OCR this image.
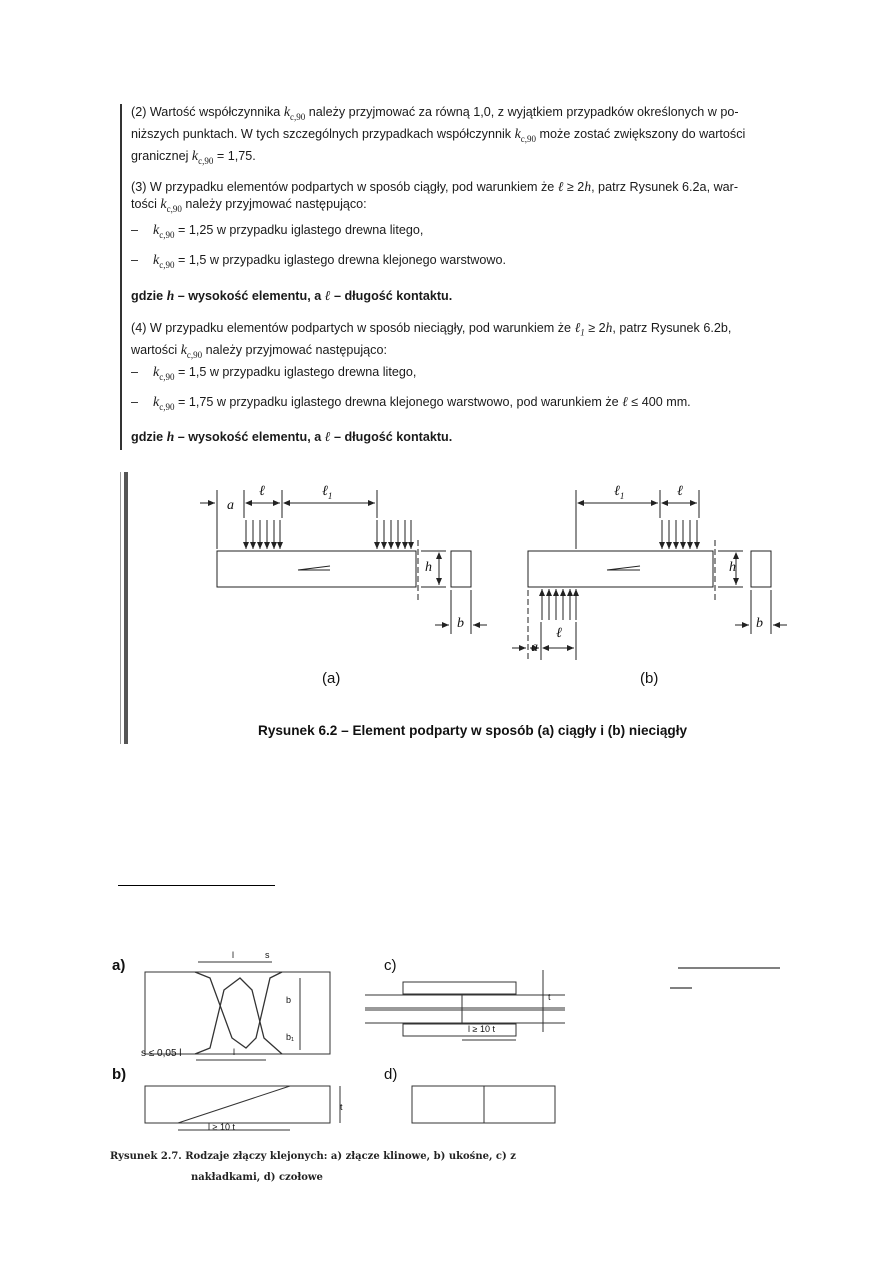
(2) Wartość współczynnika $k_{c,90}$ należy przyjmować za równą 1,0, z wyjątkiem przypadków określonych w po-
niższych punktach. W tych szczególnych przypadkach współczynnik $k_{c,90}$ może zostać zwiększony do wartości
granicznej $k_{c,90} = 1,75$.
(3) W przypadku elementów podpartych w sposób ciągły, pod warunkiem że ℓ ≥ 2h, patrz Rysunek 6.2a, war-
tości $k_{c,90}$ należy przyjmować następująco:
– $k_{c,90} = 1,25$ w przypadku iglastego drewna litego,
– $k_{c,90} = 1,5$ w przypadku iglastego drewna klejonego warstwowo.
gdzie h – wysokość elementu, a ℓ – długość kontaktu.
(4) W przypadku elementów podpartych w sposób nieciągły, pod warunkiem że ℓ$_1$ ≥ 2h, patrz Rysunek 6.2b,
wartości $k_{c,90}$ należy przyjmować następująco:
– $k_{c,90} = 1,5$ w przypadku iglastego drewna litego,
– $k_{c,90} = 1,75$ w przypadku iglastego drewna klejonego warstwowo, pod warunkiem że ℓ ≤ 400 mm.
gdzie h – wysokość elementu, a ℓ – długość kontaktu.
a
ℓ	ℓ$_1$
h
b
ℓ$_1$	ℓ
h
b
a
ℓ
(a)	(b)
Rysunek 6.2 – Element podparty w sposób (a) ciągły i (b) nieciągły
a)
b)
c)
d)
s ≤ 0,05 l
l	s
l
b
b₁
t
t
l ≥ 10 t
l ≥ 10 t
Rysunek 2.7. Rodzaje złączy klejonych: a) złącze klinowe, b) ukośne, c) z
nakładkami, d) czołowe
